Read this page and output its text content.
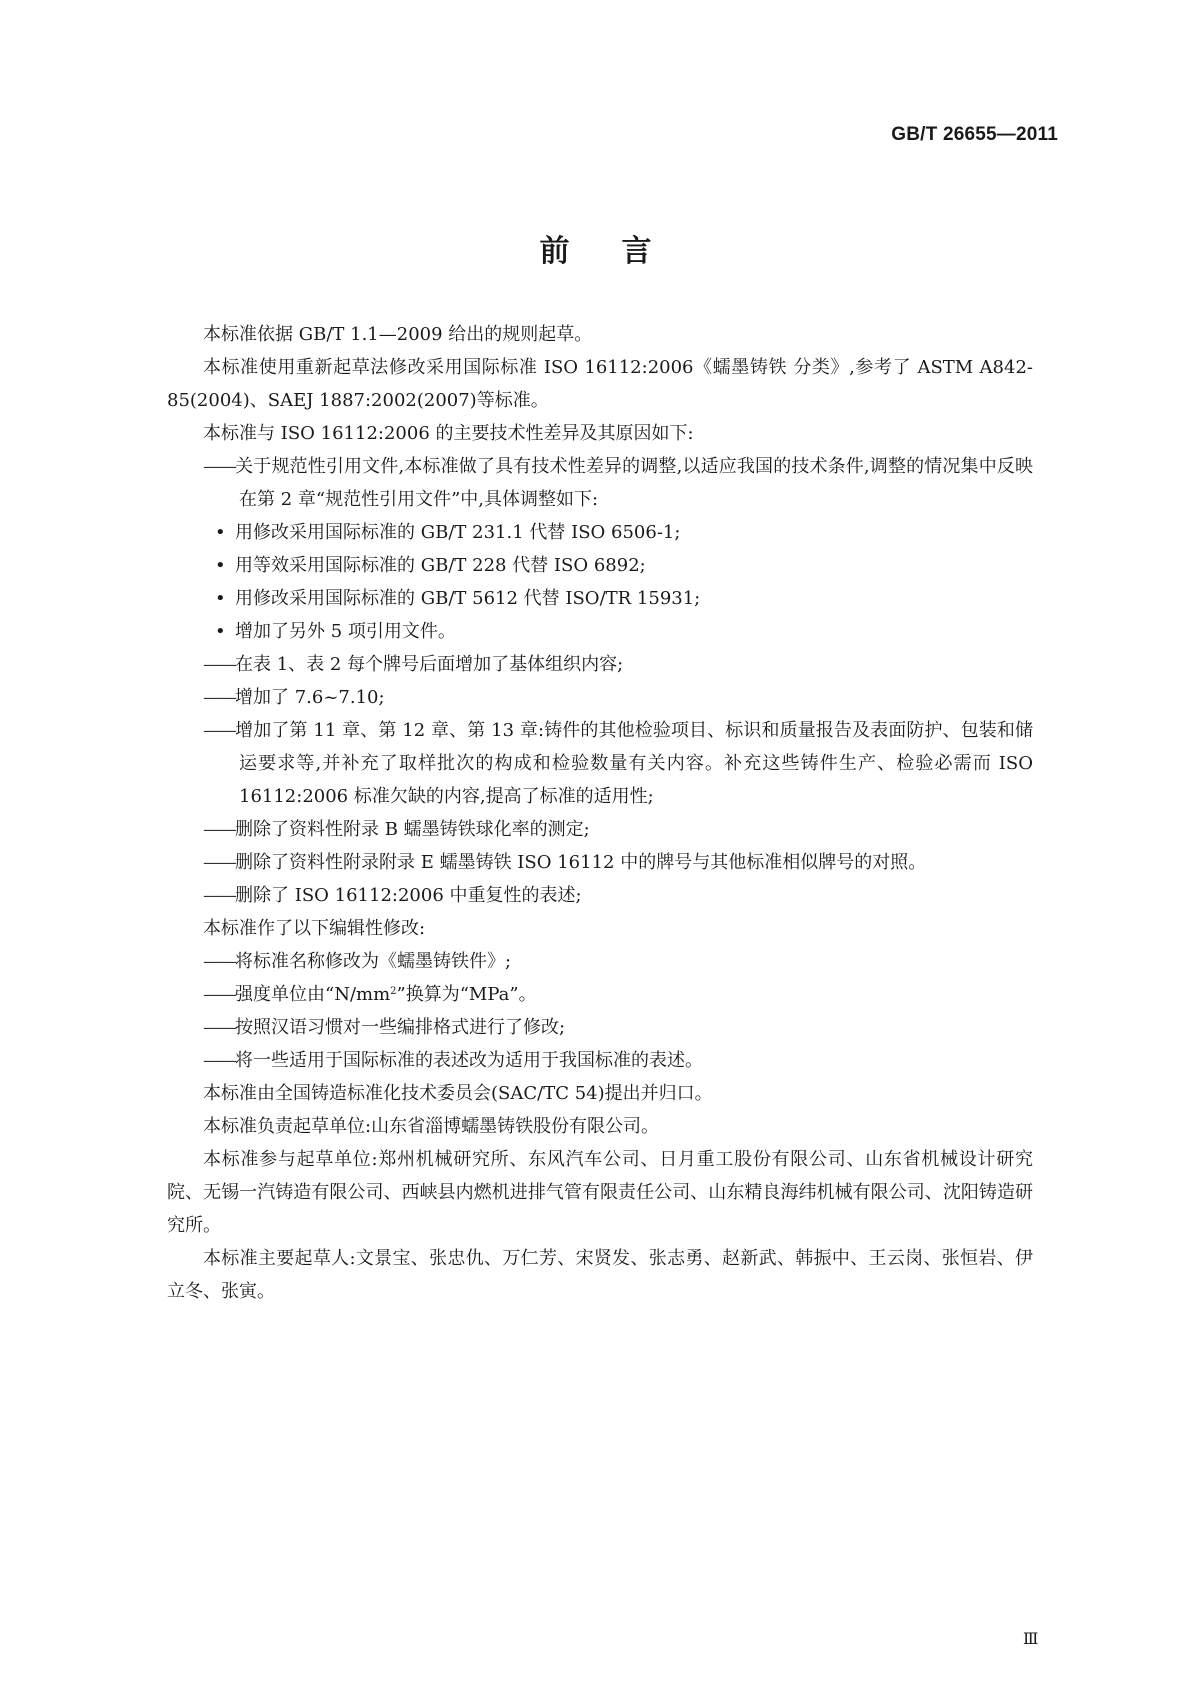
GB/T 26655—2011
前言

本标准依据 GB/T 1.1—2009 给出的规则起草。

本标准使用重新起草法修改采用国际标准 ISO 16112:2006《蠕墨铸铁 分类》,参考了 ASTM A842-85(2004)、SAEJ 1887:2002(2007)等标准。

本标准与 ISO 16112:2006 的主要技术性差异及其原因如下:

——关于规范性引用文件,本标准做了具有技术性差异的调整,以适应我国的技术条件,调整的情况集中反映在第 2 章“规范性引用文件”中,具体调整如下:

• 用修改采用国际标准的 GB/T 231.1 代替 ISO 6506-1;

• 用等效采用国际标准的 GB/T 228 代替 ISO 6892;

• 用修改采用国际标准的 GB/T 5612 代替 ISO/TR 15931;

• 增加了另外 5 项引用文件。

——在表 1、表 2 每个牌号后面增加了基体组织内容;

——增加了 7.6~7.10;

——增加了第 11 章、第 12 章、第 13 章:铸件的其他检验项目、标识和质量报告及表面防护、包装和储运要求等,并补充了取样批次的构成和检验数量有关内容。补充这些铸件生产、检验必需而 ISO 16112:2006 标准欠缺的内容,提高了标准的适用性;

——删除了资料性附录 B 蠕墨铸铁球化率的测定;

——删除了资料性附录附录 E 蠕墨铸铁 ISO 16112 中的牌号与其他标准相似牌号的对照。

——删除了 ISO 16112:2006 中重复性的表述;

本标准作了以下编辑性修改:

——将标准名称修改为《蠕墨铸铁件》;

——强度单位由“$N/mm^2$”换算为“MPa”。

——按照汉语习惯对一些编排格式进行了修改;

——将一些适用于国际标准的表述改为适用于我国标准的表述。

本标准由全国铸造标准化技术委员会(SAC/TC 54)提出并归口。

本标准负责起草单位:山东省淄博蠕墨铸铁股份有限公司。

本标准参与起草单位:郑州机械研究所、东风汽车公司、日月重工股份有限公司、山东省机械设计研究院、无锡一汽铸造有限公司、西峡县内燃机进排气管有限责任公司、山东精良海纬机械有限公司、沈阳铸造研究所。

本标准主要起草人:文景宝、张忠仇、万仁芳、宋贤发、张志勇、赵新武、韩振中、王云岗、张恒岩、伊立冬、张寅。

Ⅲ
